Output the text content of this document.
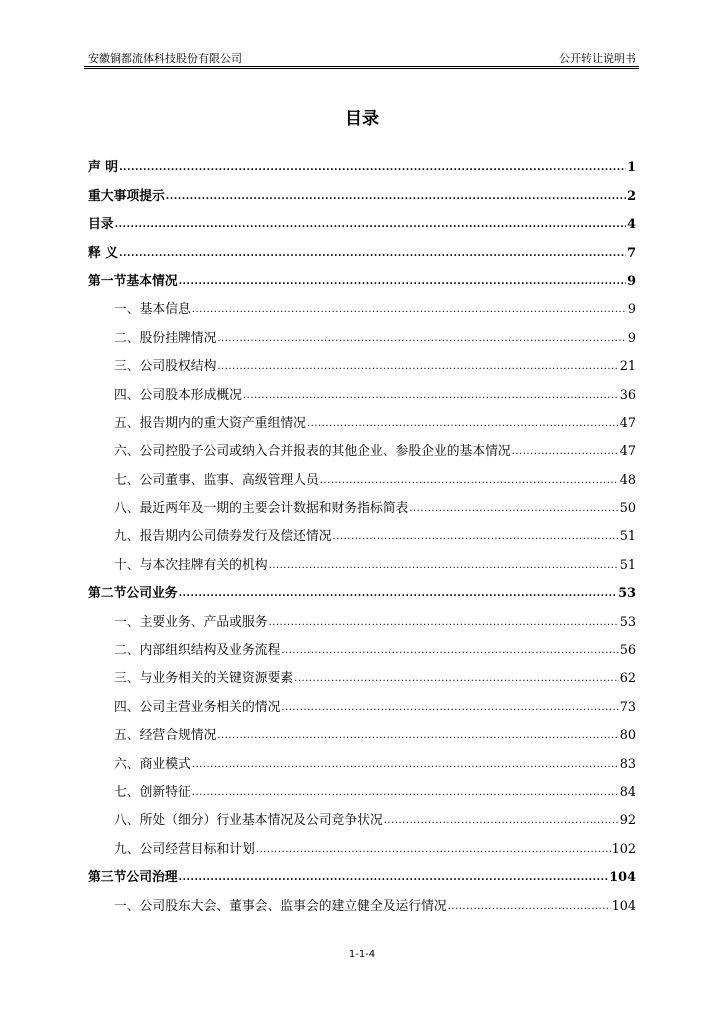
安徽铜都流体科技股份有限公司	公开转让说明书
目录
声 明 .....	1
重大事项提示 .....	2
目录 .....	4
释 义 .....	7
第一节 基本情况 .....	9
一、 基本信息 .....	9
二、 股份挂牌情况 .....	9
三、 公司股权结构 .....	21
四、 公司股本形成概况 .....	36
五、 报告期内的重大资产重组情况 .....	47
六、 公司控股子公司或纳入合并报表的其他企业、参股企业的基本情况 .....	47
七、 公司董事、监事、高级管理人员 .....	48
八、 最近两年及一期的主要会计数据和财务指标简表 .....	50
九、 报告期内公司债券发行及偿还情况 .....	51
十、 与本次挂牌有关的机构 .....	51
第二节 公司业务 .....	53
一、 主要业务、产品或服务 .....	53
二、 内部组织结构及业务流程 .....	56
三、 与业务相关的关键资源要素 .....	62
四、 公司主营业务相关的情况 .....	73
五、 经营合规情况 .....	80
六、 商业模式 .....	83
七、 创新特征 .....	84
八、 所处（细分）行业基本情况及公司竞争状况 .....	92
九、 公司经营目标和计划 .....	102
第三节 公司治理 .....	104
一、 公司股东大会、董事会、监事会的建立健全及运行情况 .....	104
1-1-4
